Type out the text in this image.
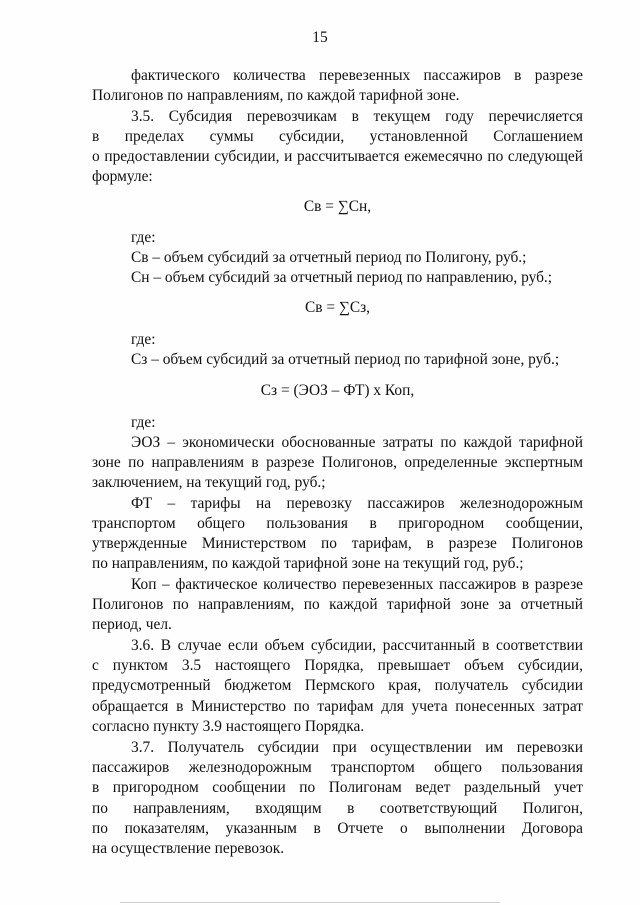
15
фактического количества перевезенных пассажиров в разрезе
Полигонов по направлениям, по каждой тарифной зоне.
3.5. Субсидия перевозчикам в текущем году перечисляется
в пределах суммы субсидии, установленной Соглашением
о предоставлении субсидии, и рассчитывается ежемесячно по следующей
формуле:
Св = ∑Сн,
где:
Св – объем субсидий за отчетный период по Полигону, руб.;
Сн – объем субсидий за отчетный период по направлению, руб.;
Св = ∑Сз,
где:
Сз – объем субсидий за отчетный период по тарифной зоне, руб.;
Сз = (ЭОЗ – ФТ) х Коп,
где:
ЭОЗ – экономически обоснованные затраты по каждой тарифной
зоне по направлениям в разрезе Полигонов, определенные экспертным
заключением, на текущий год, руб.;
ФТ – тарифы на перевозку пассажиров железнодорожным
транспортом общего пользования в пригородном сообщении,
утвержденные Министерством по тарифам, в разрезе Полигонов
по направлениям, по каждой тарифной зоне на текущий год, руб.;
Коп – фактическое количество перевезенных пассажиров в разрезе
Полигонов по направлениям, по каждой тарифной зоне за отчетный
период, чел.
3.6. В случае если объем субсидии, рассчитанный в соответствии
с пунктом 3.5 настоящего Порядка, превышает объем субсидии,
предусмотренный бюджетом Пермского края, получатель субсидии
обращается в Министерство по тарифам для учета понесенных затрат
согласно пункту 3.9 настоящего Порядка.
3.7. Получатель субсидии при осуществлении им перевозки
пассажиров железнодорожным транспортом общего пользования
в пригородном сообщении по Полигонам ведет раздельный учет
по направлениям, входящим в соответствующий Полигон,
по показателям, указанным в Отчете о выполнении Договора
на осуществление перевозок.
